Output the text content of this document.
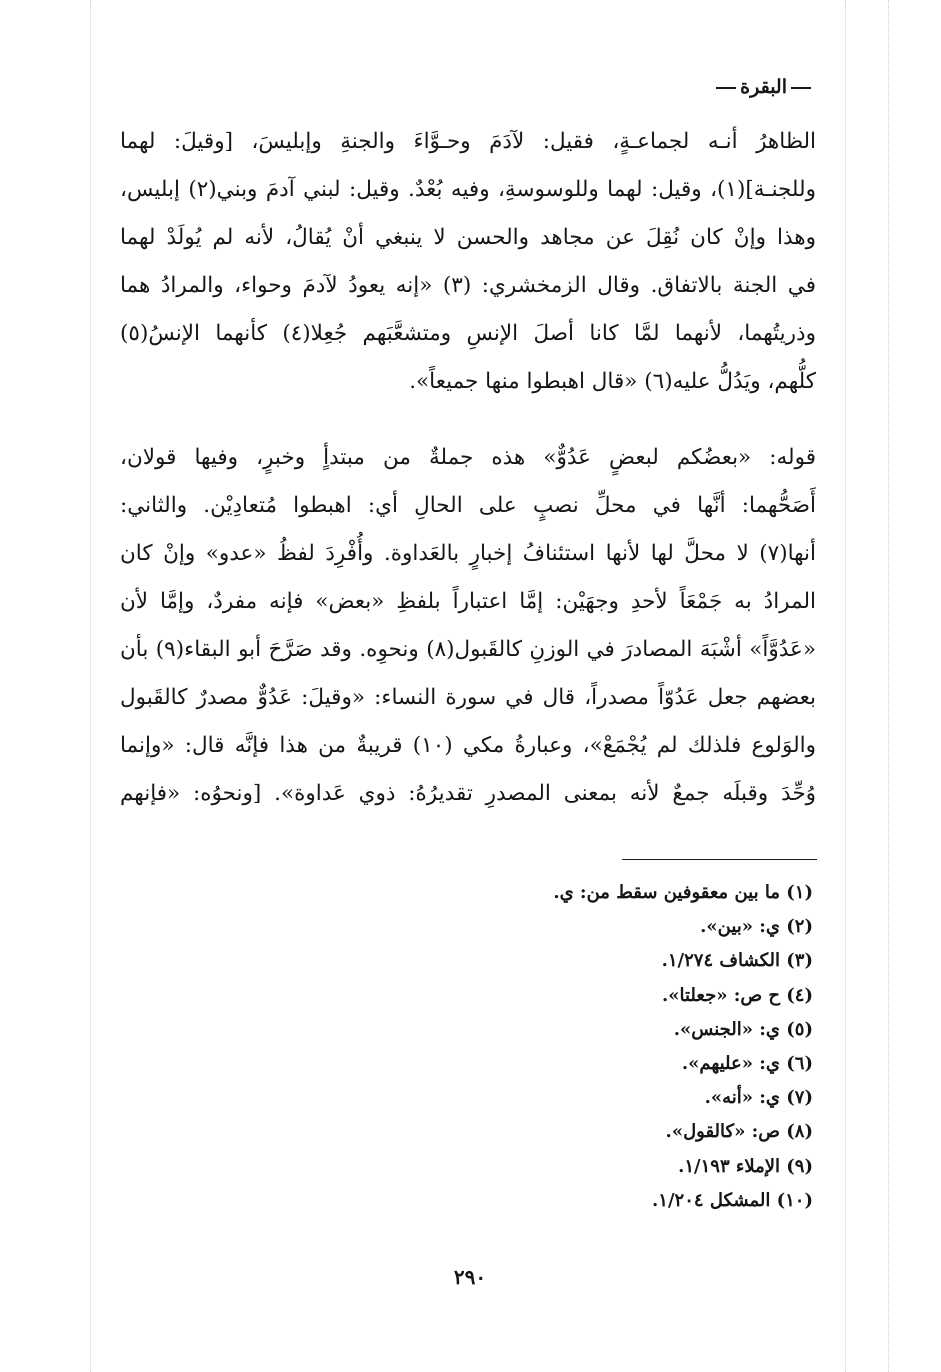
البقرة
الظاهرُ أنـه لجماعـةٍ، فقيل: لآدَمَ وحـوَّاءَ والجنةِ وإبليسَ، [وقيلَ: لهما
وللجنـة](١)، وقيل: لهما وللوسوسةِ، وفيه بُعْدٌ. وقيل: لبني آدمَ وبني(٢) إبليس،
وهذا وإنْ كان نُقِلَ عن مجاهد والحسن لا ينبغي أنْ يُقالُ، لأنه لم يُولَدْ لهما
في الجنة بالاتفاق. وقال الزمخشري: (٣) «إنه يعودُ لآدمَ وحواء، والمرادُ هما
وذريتُهما، لأنهما لمَّا كانا أصلَ الإنسِ ومتشعَّبَهم جُعِلا(٤) كأنهما الإنسُ(٥)
كلُّهم، ويَدُلُّ عليه(٦) «قال اهبطوا منها جميعاً».
قوله: «بعضُكم لبعضٍ عَدُوٌّ» هذه جملةٌ من مبتدأٍ وخبرٍ، وفيها قولان،
أَصَحُّهما: أنَّها في محلِّ نصبٍ على الحالِ أي: اهبطوا مُتعادِيْن. والثاني:
أنها(٧) لا محلَّ لها لأنها استئنافُ إخبارٍ بالعَداوة. وأُفْرِدَ لفظُ «عدو» وإنْ كان
المرادُ به جَمْعَاً لأحدِ وجهَيْن: إمَّا اعتباراً بلفظِ «بعض» فإنه مفردٌ، وإمَّا لأن
«عَدُوَّاً» أشْبَهَ المصادرَ في الوزنِ كالقَبول(٨) ونحوِه. وقد صَرَّحَ أبو البقاء(٩) بأن
بعضهم جعل عَدُوّاً مصدراً، قال في سورة النساء: «وقيلَ: عَدُوٌّ مصدرٌ كالقَبول
والوَلوع فلذلك لم يُجْمَعْ»، وعبارةُ مكي (١٠) قريبةٌ من هذا فإنَّه قال: «وإنما
وُحِّدَ وقبلَه جمعٌ لأنه بمعنى المصدرِ تقديرُهُ: ذوي عَداوة». [ونحوُه: «فإنهم
(١) ما بين معقوفين سقط من: ي.
(٢) ي: «بين».
(٣) الكشاف ١/٢٧٤.
(٤) ح ص: «جعلتا».
(٥) ي: «الجنس».
(٦) ي: «عليهم».
(٧) ي: «أنه».
(٨) ص: «كالقول».
(٩) الإملاء ١/١٩٣.
(١٠) المشكل ١/٢٠٤.
٢٩٠
